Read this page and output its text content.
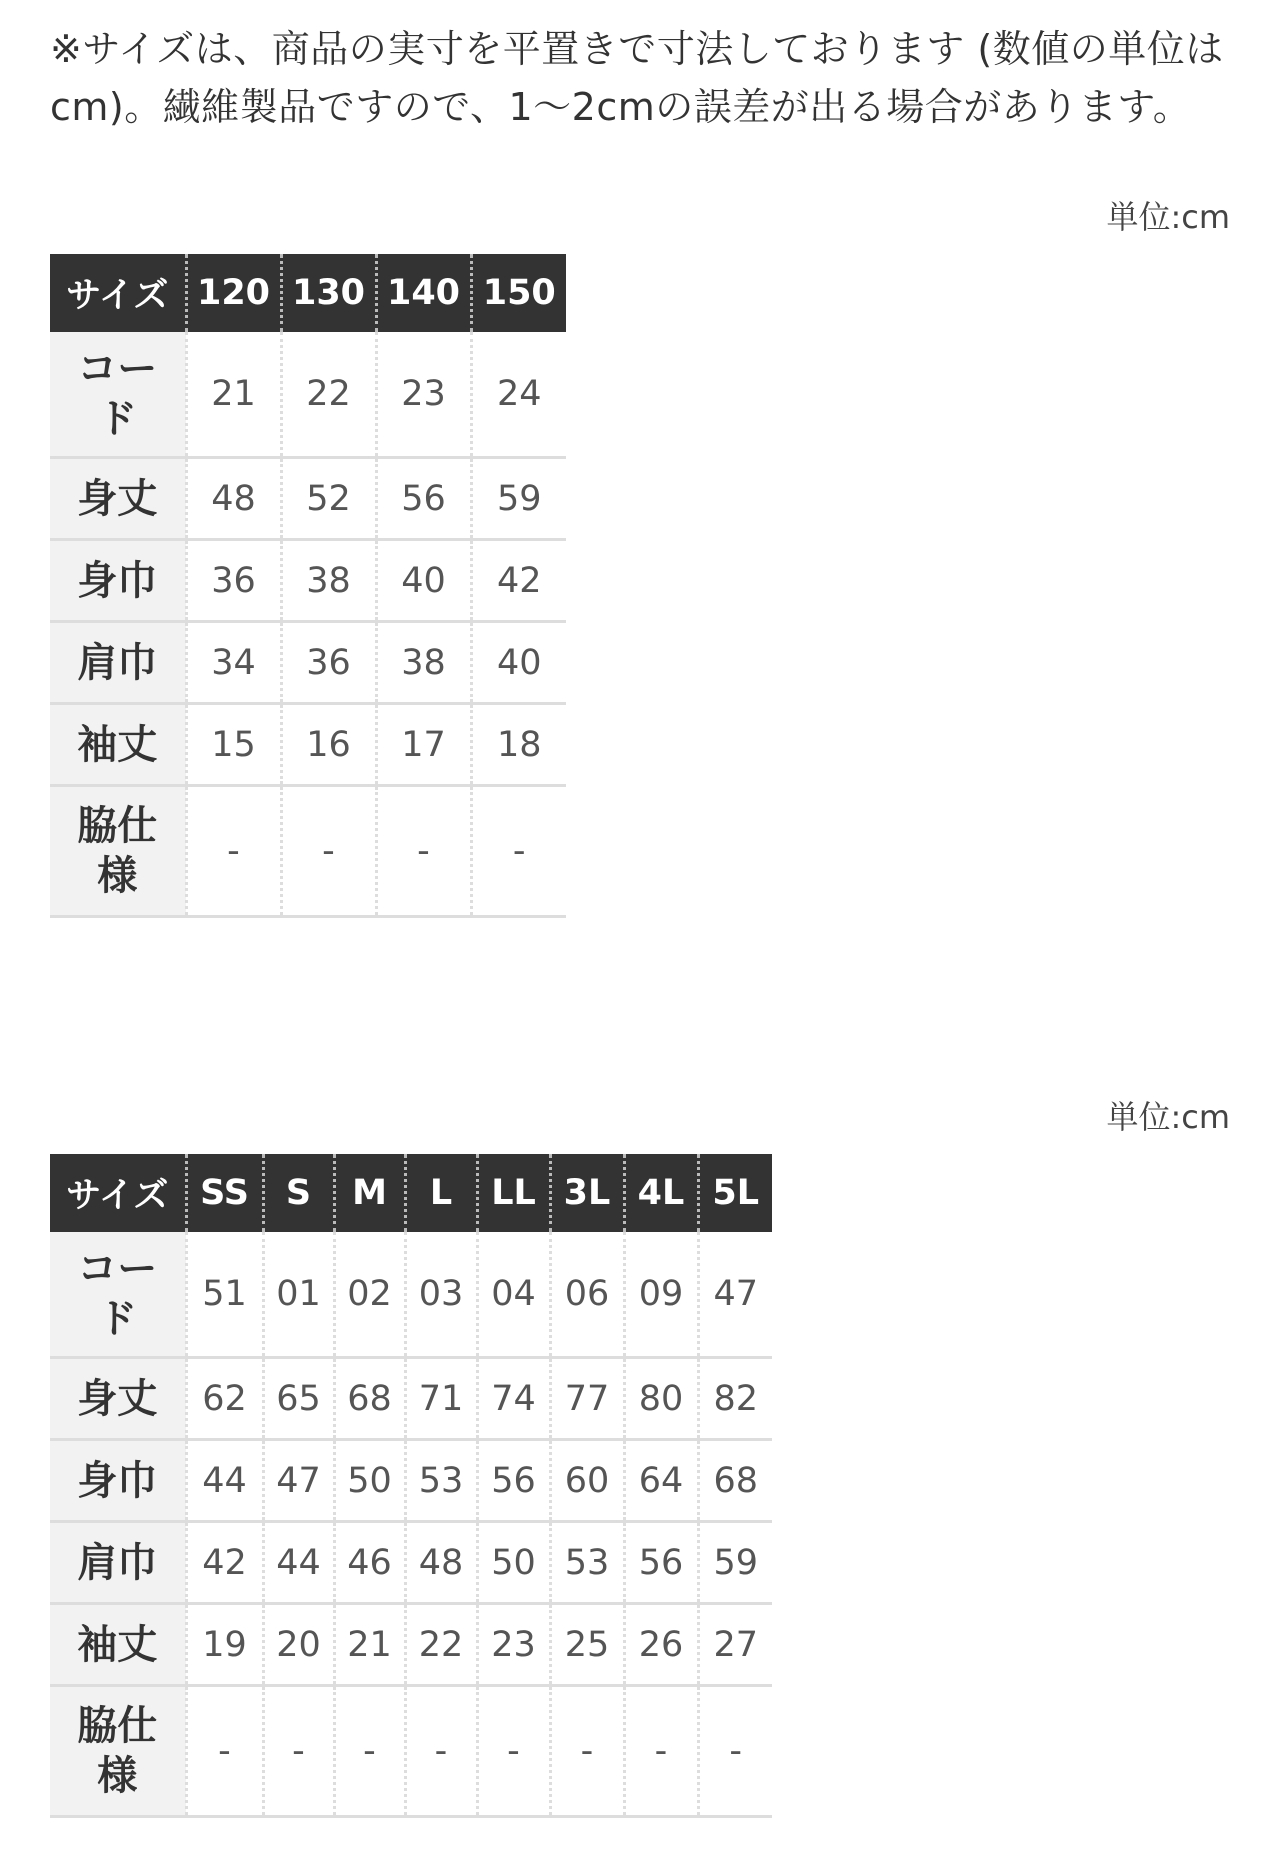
※サイズは、商品の実寸を平置きで寸法しております (数値の単位はcm)。繊維製品ですので、1〜2cmの誤差が出る場合があります。
単位:cm
サイズ	120	130	140	150
コード	21	22	23	24
身丈	48	52	56	59
身巾	36	38	40	42
肩巾	34	36	38	40
袖丈	15	16	17	18
脇仕様	-	-	-	-
単位:cm
サイズ	SS	S	M	L	LL	3L	4L	5L
コード	51	01	02	03	04	06	09	47
身丈	62	65	68	71	74	77	80	82
身巾	44	47	50	53	56	60	64	68
肩巾	42	44	46	48	50	53	56	59
袖丈	19	20	21	22	23	25	26	27
脇仕様	-	-	-	-	-	-	-	-
